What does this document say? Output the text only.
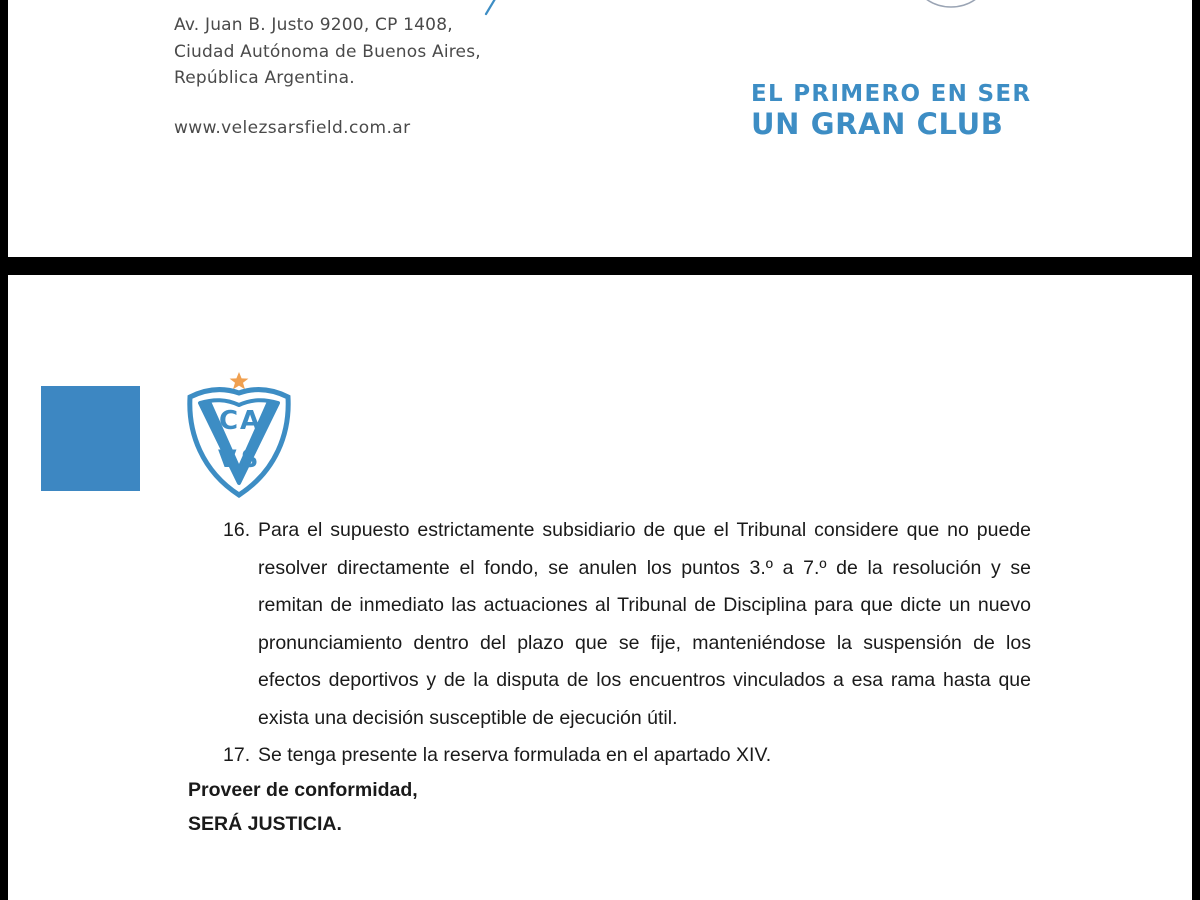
Av. Juan B. Justo 9200, CP 1408,
Ciudad Autónoma de Buenos Aires,
República Argentina.
www.velezsarsfield.com.ar
EL PRIMERO EN SER
UN GRAN CLUB
C A
V S
16. Para el supuesto estrictamente subsidiario de que el Tribunal considere que no puede resolver directamente el fondo, se anulen los puntos 3.º a 7.º de la resolución y se remitan de inmediato las actuaciones al Tribunal de Disciplina para que dicte un nuevo pronunciamiento dentro del plazo que se fije, manteniéndose la suspensión de los efectos deportivos y de la disputa de los encuentros vinculados a esa rama hasta que exista una decisión susceptible de ejecución útil.
17. Se tenga presente la reserva formulada en el apartado XIV.
Proveer de conformidad,
SERÁ JUSTICIA.
